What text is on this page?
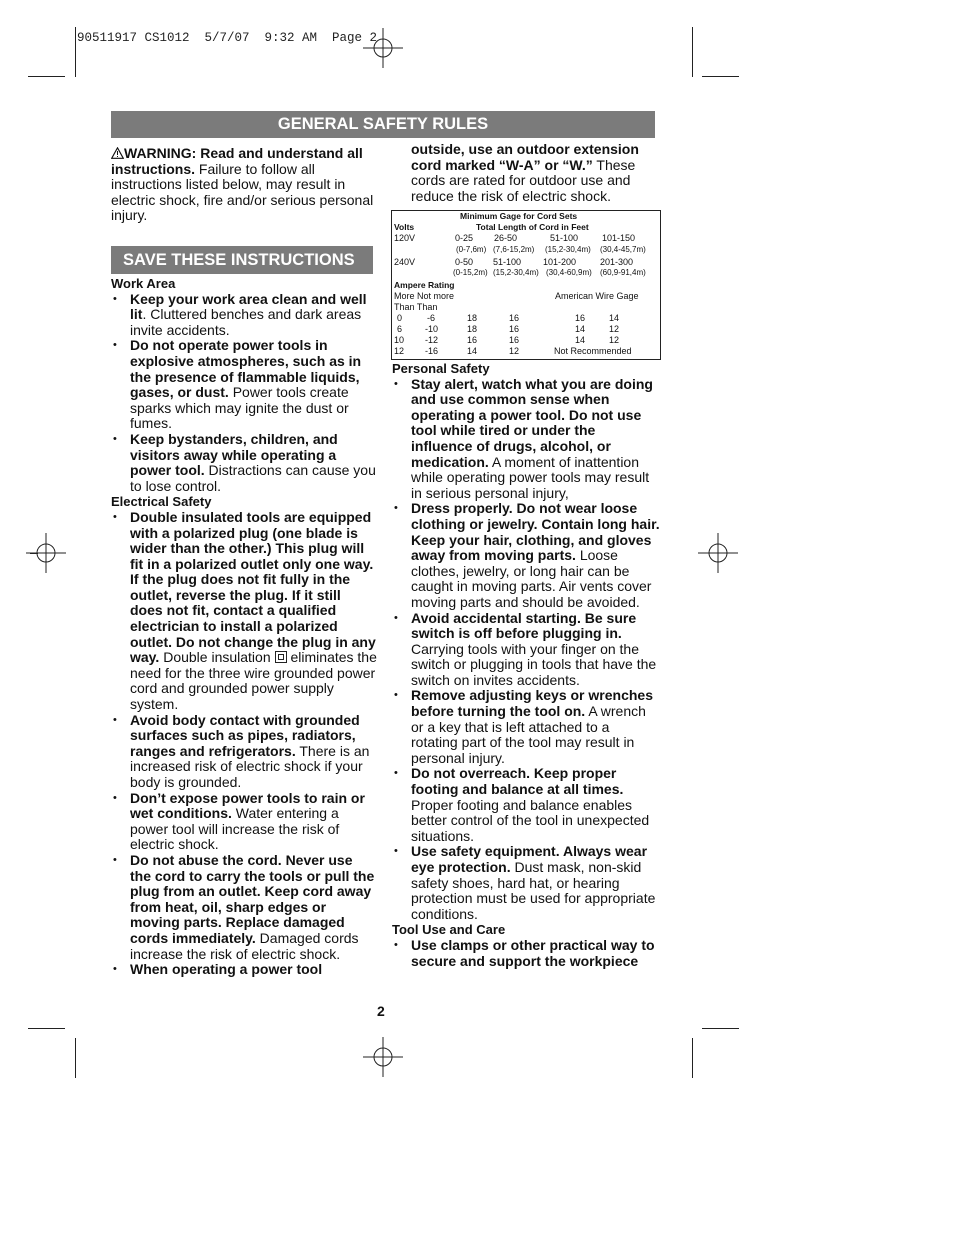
90511917 CS1012  5/7/07  9:32 AM  Page 2
GENERAL SAFETY RULES

WARNING: Read and understand all instructions. Failure to follow all instructions listed below, may result in electric shock, fire and/or serious personal injury.

SAVE THESE INSTRUCTIONS

Work Area

• Keep your work area clean and well lit. Cluttered benches and dark areas invite accidents.
• Do not operate power tools in explosive atmospheres, such as in the presence of flammable liquids, gases, or dust. Power tools create sparks which may ignite the dust or fumes.
• Keep bystanders, children, and visitors away while operating a power tool. Distractions can cause you to lose control.

Electrical Safety

• Double insulated tools are equipped with a polarized plug (one blade is wider than the other.) This plug will fit in a polarized outlet only one way. If the plug does not fit fully in the outlet, reverse the plug. If it still does not fit, contact a qualified electrician to install a polarized outlet. Do not change the plug in any way. Double insulation eliminates the need for the three wire grounded power cord and grounded power supply system.
• Avoid body contact with grounded surfaces such as pipes, radiators, ranges and refrigerators. There is an increased risk of electric shock if your body is grounded.
• Don’t expose power tools to rain or wet conditions. Water entering a power tool will increase the risk of electric shock.
• Do not abuse the cord. Never use the cord to carry the tools or pull the plug from an outlet. Keep cord away from heat, oil, sharp edges or moving parts. Replace damaged cords immediately. Damaged cords increase the risk of electric shock.
• When operating a power tool

outside, use an outdoor extension cord marked “W-A” or “W.” These cords are rated for outdoor use and reduce the risk of electric shock.

Minimum Gage for Cord Sets
Volts	Total Length of Cord in Feet
120V	0-25 26-50	51-100	101-150
(0-7,6m) (7,6-15,2m) (15,2-30,4m) (30,4-45,7m)
240V	0-50 51-100 101-200	201-300
(0-15,2m) (15,2-30,4m) (30,4-60,9m) (60,9-91,4m)
Ampere Rating
More Not more	American Wire Gage
Than Than
0	-6	18	16	16	14
6	-10	18	16	14	12
10 -12	16	16	14	12
12 -16	14	12	Not Recommended

Personal Safety

• Stay alert, watch what you are doing and use common sense when operating a power tool. Do not use tool while tired or under the influence of drugs, alcohol, or medication. A moment of inattention while operating power tools may result in serious personal injury,
• Dress properly. Do not wear loose clothing or jewelry. Contain long hair. Keep your hair, clothing, and gloves away from moving parts. Loose clothes, jewelry, or long hair can be caught in moving parts. Air vents cover moving parts and should be avoided.
• Avoid accidental starting. Be sure switch is off before plugging in. Carrying tools with your finger on the switch or plugging in tools that have the switch on invites accidents.
• Remove adjusting keys or wrenches before turning the tool on. A wrench or a key that is left attached to a rotating part of the tool may result in personal injury.
• Do not overreach. Keep proper footing and balance at all times. Proper footing and balance enables better control of the tool in unexpected situations.
• Use safety equipment. Always wear eye protection. Dust mask, non-skid safety shoes, hard hat, or hearing protection must be used for appropriate conditions.

Tool Use and Care

• Use clamps or other practical way to secure and support the workpiece
2
